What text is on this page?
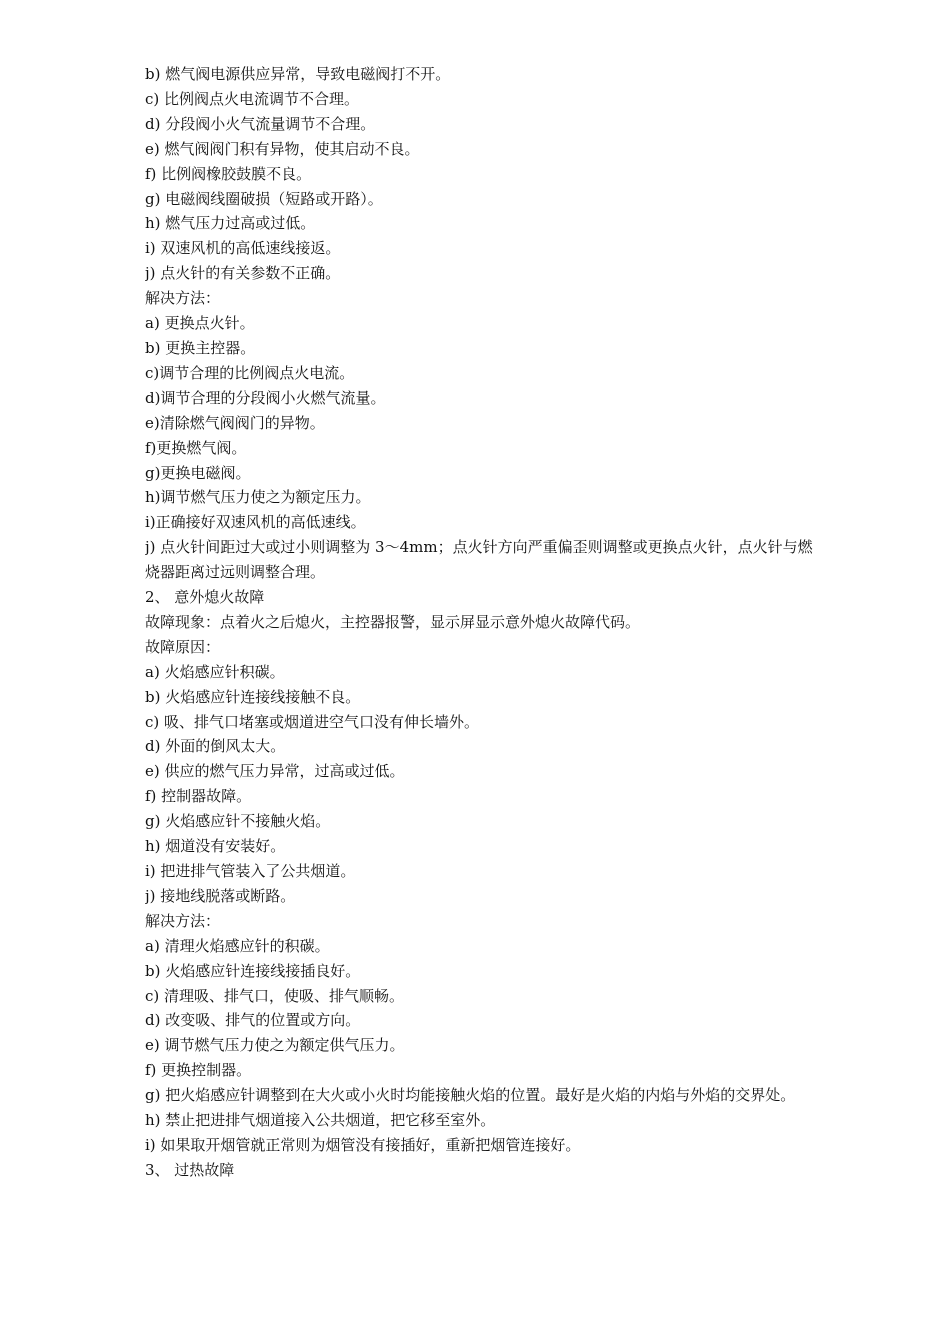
b) 燃气阀电源供应异常，导致电磁阀打不开。
c) 比例阀点火电流调节不合理。
d) 分段阀小火气流量调节不合理。
e) 燃气阀阀门积有异物，使其启动不良。
f) 比例阀橡胶鼓膜不良。
g) 电磁阀线圈破损（短路或开路）。
h) 燃气压力过高或过低。
i) 双速风机的高低速线接返。
j) 点火针的有关参数不正确。
解决方法：
a) 更换点火针。
b) 更换主控器。
c)调节合理的比例阀点火电流。
d)调节合理的分段阀小火燃气流量。
e)清除燃气阀阀门的异物。
f)更换燃气阀。
g)更换电磁阀。
h)调节燃气压力使之为额定压力。
i)正确接好双速风机的高低速线。
j) 点火针间距过大或过小则调整为 3～4mm；点火针方向严重偏歪则调整或更换点火针，点火针与燃烧器距离过远则调整合理。
2、 意外熄火故障
故障现象：点着火之后熄火，主控器报警，显示屏显示意外熄火故障代码。
故障原因：
a) 火焰感应针积碳。
b) 火焰感应针连接线接触不良。
c) 吸、排气口堵塞或烟道进空气口没有伸长墙外。
d) 外面的倒风太大。
e) 供应的燃气压力异常，过高或过低。
f) 控制器故障。
g) 火焰感应针不接触火焰。
h) 烟道没有安装好。
i) 把进排气管装入了公共烟道。
j) 接地线脱落或断路。
解决方法：
a) 清理火焰感应针的积碳。
b) 火焰感应针连接线接插良好。
c) 清理吸、排气口，使吸、排气顺畅。
d) 改变吸、排气的位置或方向。
e) 调节燃气压力使之为额定供气压力。
f) 更换控制器。
g) 把火焰感应针调整到在大火或小火时均能接触火焰的位置。最好是火焰的内焰与外焰的交界处。
h) 禁止把进排气烟道接入公共烟道，把它移至室外。
i) 如果取开烟管就正常则为烟管没有接插好，重新把烟管连接好。
3、 过热故障
